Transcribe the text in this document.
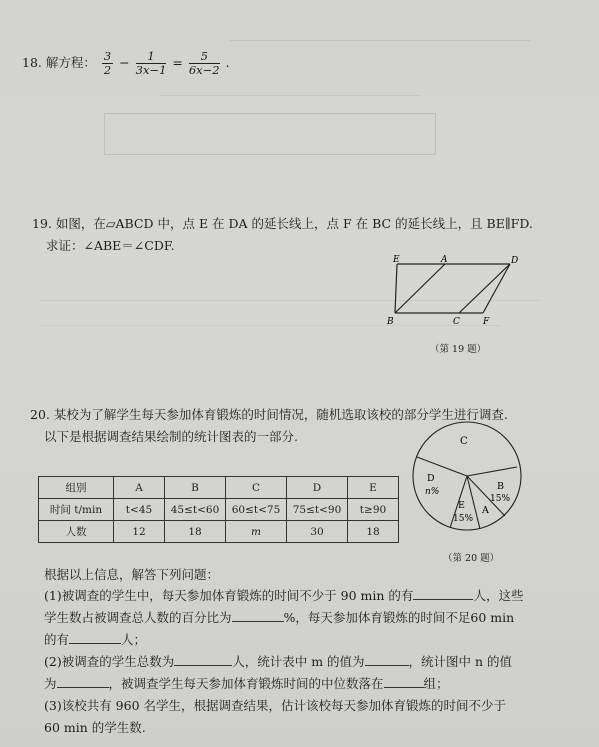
18. 解方程： $\frac{3}{2} - \frac{1}{3x-1} = \frac{5}{6x-2}$ .
19. 如图，在▱ABCD 中，点 E 在 DA 的延长线上，点 F 在 BC 的延长线上，且 BE∥FD.
求证：∠ABE＝∠CDF.
E	A	D
B	C	F
（第 19 题）
20. 某校为了解学生每天参加体育锻炼的时间情况，随机选取该校的部分学生进行调查.
以下是根据调查结果绘制的统计图表的一部分.
组别	A	B	C	D	E
时间 t/min	t<45	45≤t<60	60≤t<75	75≤t<90	t≥90
人数	12	18	m	30	18
C
D
n%
E
15%
B
15%
A
（第 20 题）
根据以上信息，解答下列问题：
(1)被调查的学生中，每天参加体育锻炼的时间不少于 90 min 的有	人，这些
学生数占被调查总人数的百分比为	%，每天参加体育锻炼的时间不足60 min
的有	人；
(2)被调查的学生总数为	人，统计表中 m 的值为	，统计图中 n 的值
为	，被调查学生每天参加体育锻炼时间的中位数落在	组；
(3)该校共有 960 名学生，根据调查结果，估计该校每天参加体育锻炼的时间不少于
60 min 的学生数.
